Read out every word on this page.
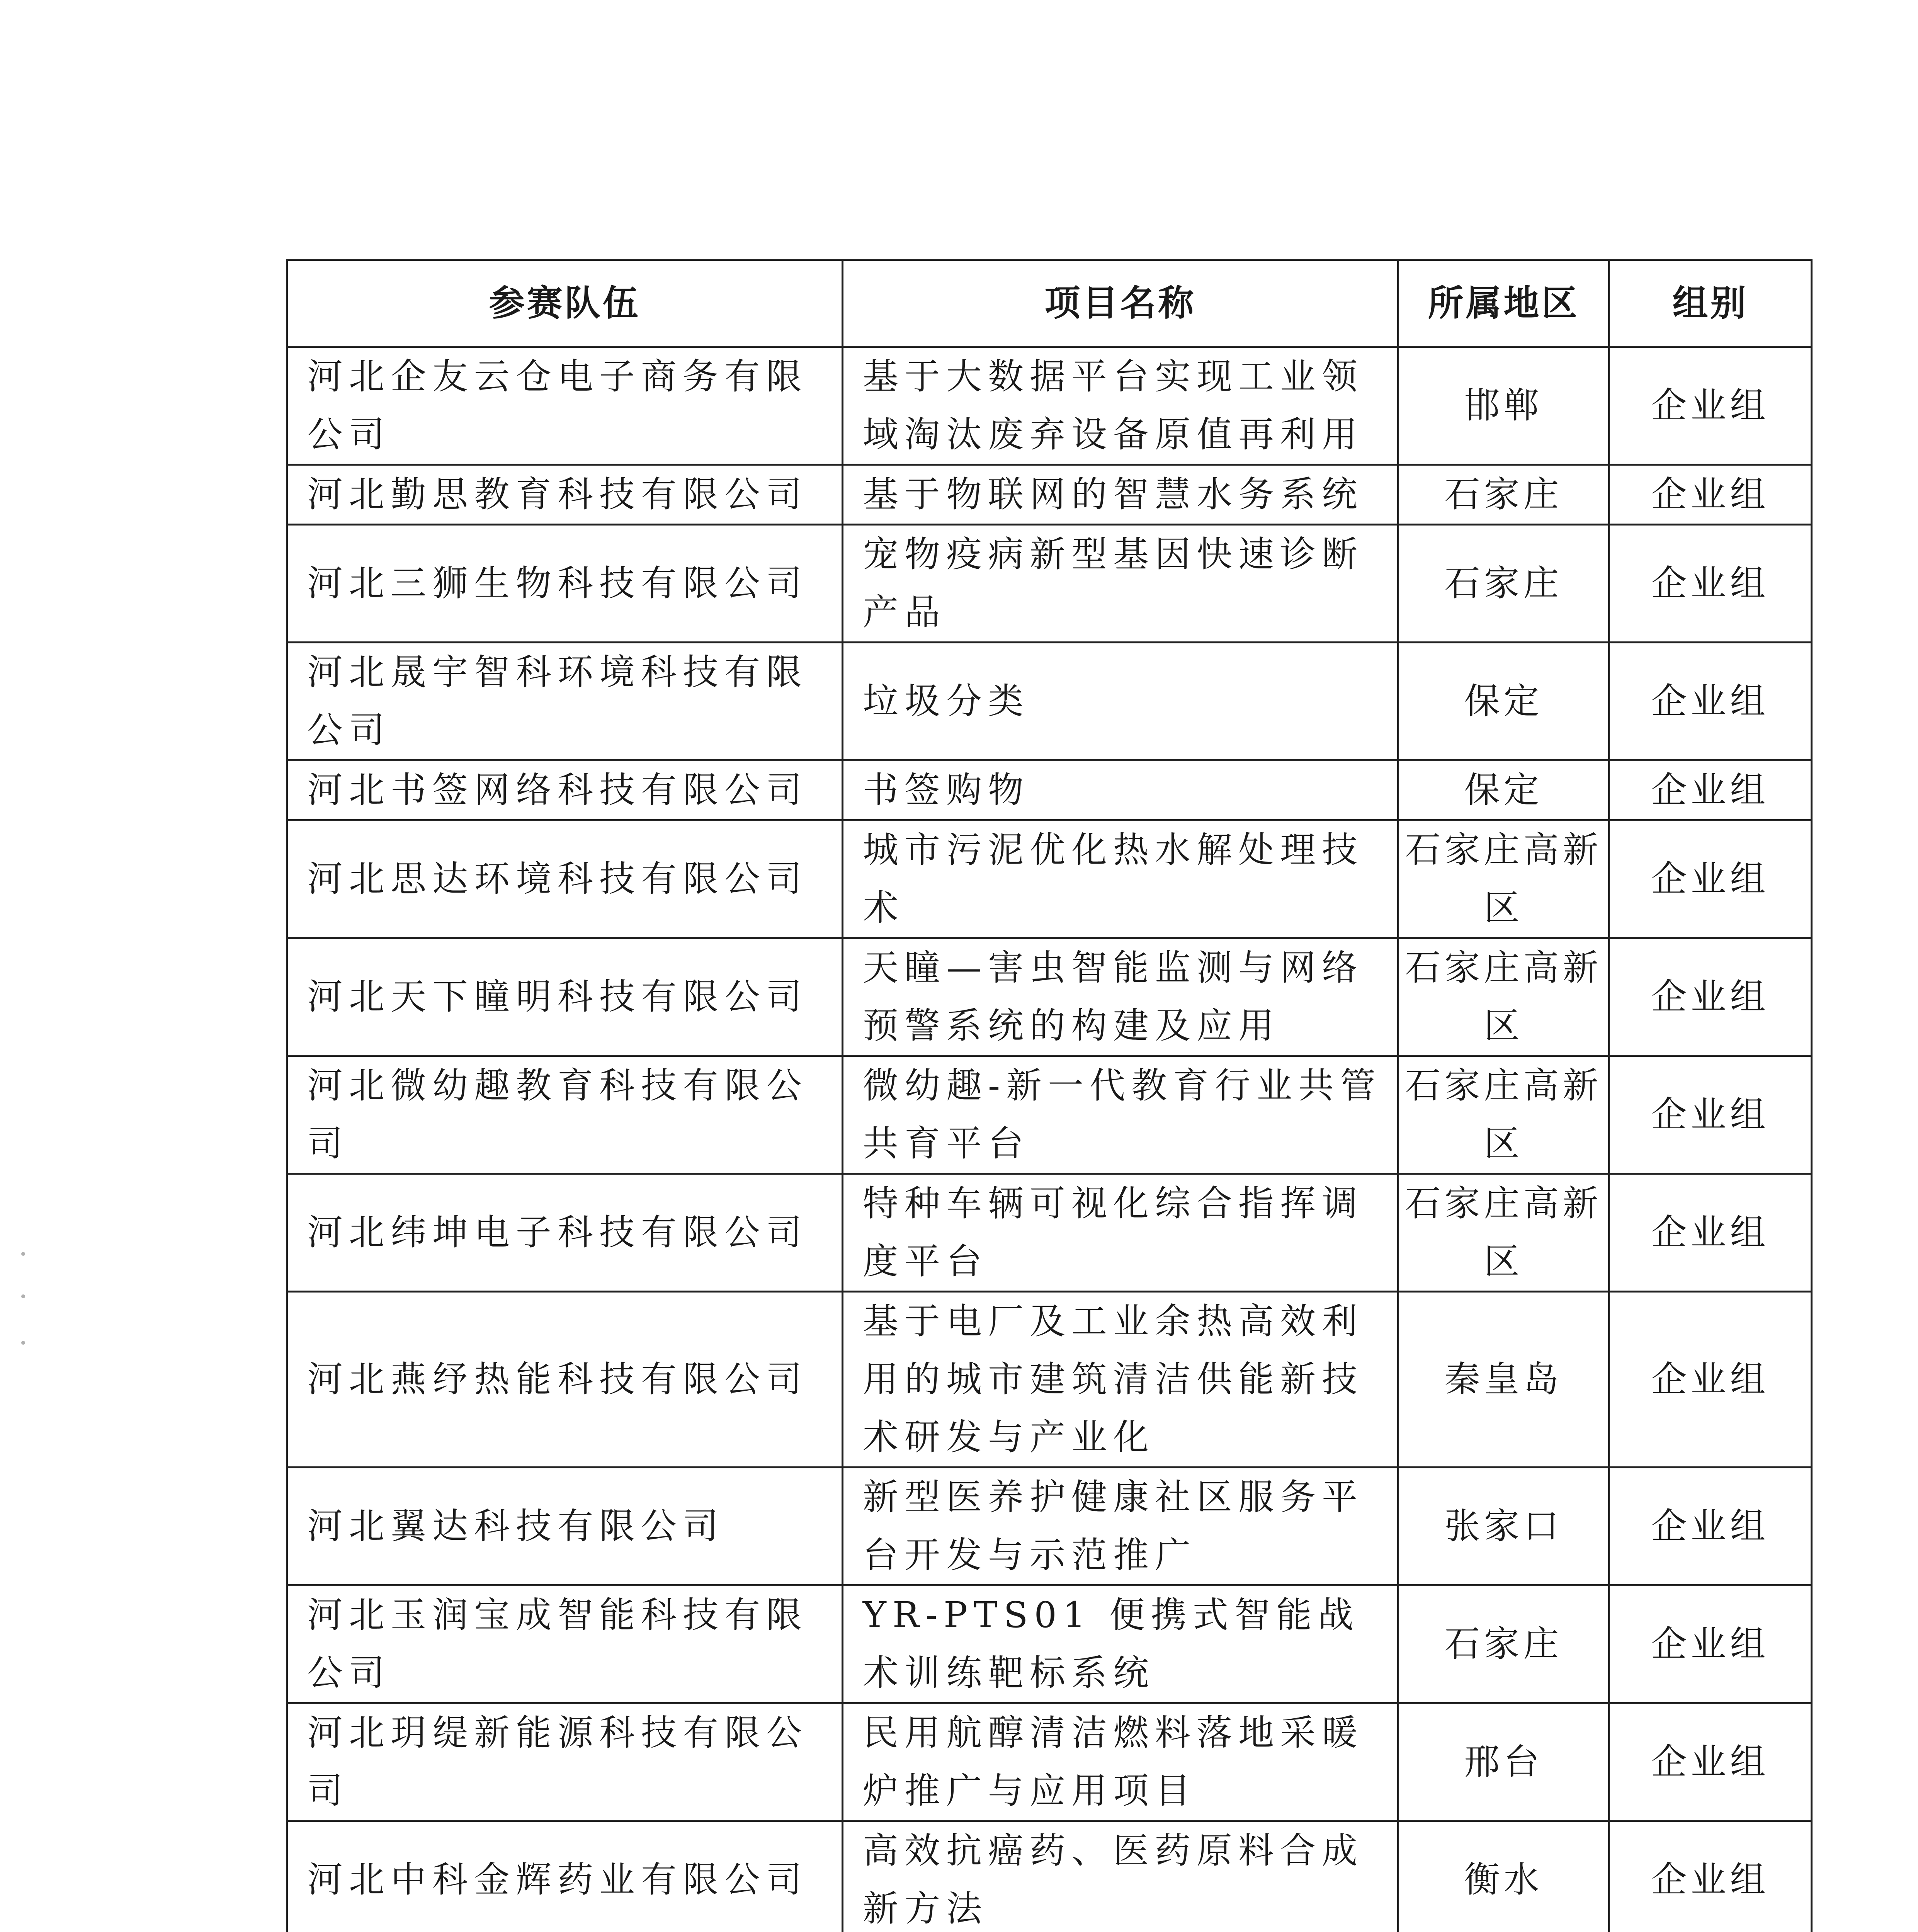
参赛队伍	项目名称	所属地区	组别
河北企友云仓电子商务有限公司	基于大数据平台实现工业领域淘汰废弃设备原值再利用	邯郸	企业组
河北勤思教育科技有限公司	基于物联网的智慧水务系统	石家庄	企业组
河北三狮生物科技有限公司	宠物疫病新型基因快速诊断产品	石家庄	企业组
河北晟宇智科环境科技有限公司	垃圾分类	保定	企业组
河北书签网络科技有限公司	书签购物	保定	企业组
河北思达环境科技有限公司	城市污泥优化热水解处理技术	石家庄高新区	企业组
河北天下瞳明科技有限公司	天瞳—害虫智能监测与网络预警系统的构建及应用	石家庄高新区	企业组
河北微幼趣教育科技有限公司	微幼趣-新一代教育行业共管共育平台	石家庄高新区	企业组
河北纬坤电子科技有限公司	特种车辆可视化综合指挥调度平台	石家庄高新区	企业组
河北燕纾热能科技有限公司	基于电厂及工业余热高效利用的城市建筑清洁供能新技术研发与产业化	秦皇岛	企业组
河北翼达科技有限公司	新型医养护健康社区服务平台开发与示范推广	张家口	企业组
河北玉润宝成智能科技有限公司	YR-PTS01 便携式智能战术训练靶标系统	石家庄	企业组
河北玥缇新能源科技有限公司	民用航醇清洁燃料落地采暖炉推广与应用项目	邢台	企业组
河北中科金辉药业有限公司	高效抗癌药、医药原料合成新方法	衡水	企业组
